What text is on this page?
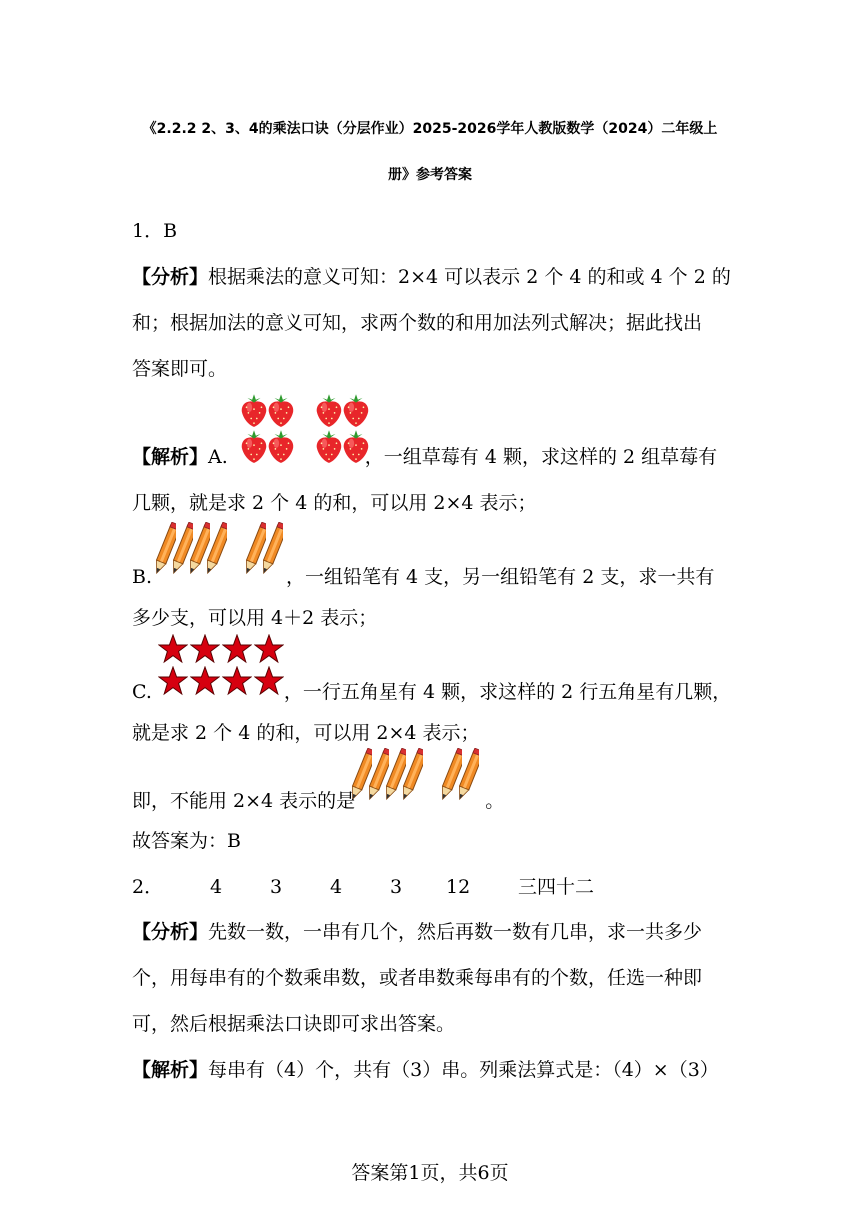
《2.2.2 2、3、4的乘法口诀（分层作业）2025-2026学年人教版数学（2024）二年级上
册》参考答案
1．B
【分析】根据乘法的意义可知：2×4 可以表示 2 个 4 的和或 4 个 2 的
和；根据加法的意义可知，求两个数的和用加法列式解决；据此找出
答案即可。
【解析】A.	，一组草莓有 4 颗，求这样的 2 组草莓有
几颗，就是求 2 个 4 的和，可以用 2×4 表示；
B.	，一组铅笔有 4 支，另一组铅笔有 2 支，求一共有
多少支，可以用 4＋2 表示；
C.	，一行五角星有 4 颗，求这样的 2 行五角星有几颗，
就是求 2 个 4 的和，可以用 2×4 表示；
即，不能用 2×4 表示的是	。
故答案为：B
2． 4	3	4	3 12	三四十二
【分析】先数一数，一串有几个，然后再数一数有几串，求一共多少
个，用每串有的个数乘串数，或者串数乘每串有的个数，任选一种即
可，然后根据乘法口诀即可求出答案。
【解析】每串有（4）个，共有（3）串。列乘法算式是：（4）×（3）
答案第1页，共6页
